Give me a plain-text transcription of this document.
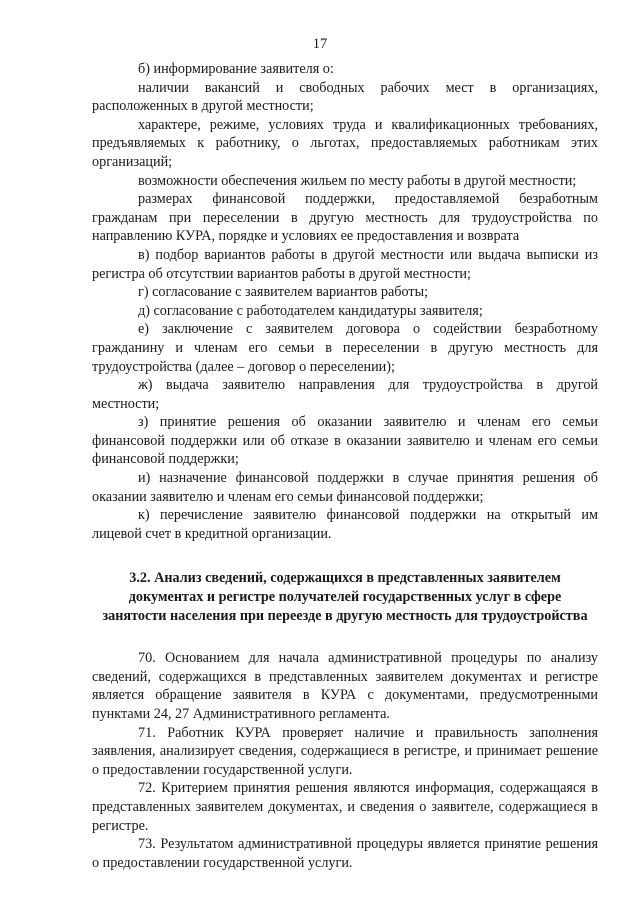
17

б) информирование заявителя о:

наличии вакансий и свободных рабочих мест в организациях, расположенных в другой местности;

характере, режиме, условиях труда и квалификационных требованиях, предъявляемых к работнику, о льготах, предоставляемых работникам этих организаций;

возможности обеспечения жильем по месту работы в другой местности;

размерах финансовой поддержки, предоставляемой безработным гражданам при переселении в другую местность для трудоустройства по направлению КУРА, порядке и условиях ее предоставления и возврата

в) подбор вариантов работы в другой местности или выдача выписки из регистра об отсутствии вариантов работы в другой местности;

г) согласование с заявителем вариантов работы;

д) согласование с работодателем кандидатуры заявителя;

е) заключение с заявителем договора о содействии безработному гражданину и членам его семьи в переселении в другую местность для трудоустройства (далее – договор о переселении);

ж) выдача заявителю направления для трудоустройства в другой местности;

з) принятие решения об оказании заявителю и членам его семьи финансовой поддержки или об отказе в оказании заявителю и членам его семьи финансовой поддержки;

и) назначение финансовой поддержки в случае принятия решения об оказании заявителю и членам его семьи финансовой поддержки;

к) перечисление заявителю финансовой поддержки на открытый им лицевой счет в кредитной организации.

3.2. Анализ сведений, содержащихся в представленных заявителем документах и регистре получателей государственных услуг в сфере занятости населения при переезде в другую местность для трудоустройства

70. Основанием для начала административной процедуры по анализу сведений, содержащихся в представленных заявителем документах и регистре является обращение заявителя в КУРА с документами, предусмотренными пунктами 24, 27 Административного регламента.

71. Работник КУРА проверяет наличие и правильность заполнения заявления, анализирует сведения, содержащиеся в регистре, и принимает решение о предоставлении государственной услуги.

72. Критерием принятия решения являются информация, содержащаяся в представленных заявителем документах, и сведения о заявителе, содержащиеся в регистре.

73. Результатом административной процедуры является принятие решения о предоставлении государственной услуги.
